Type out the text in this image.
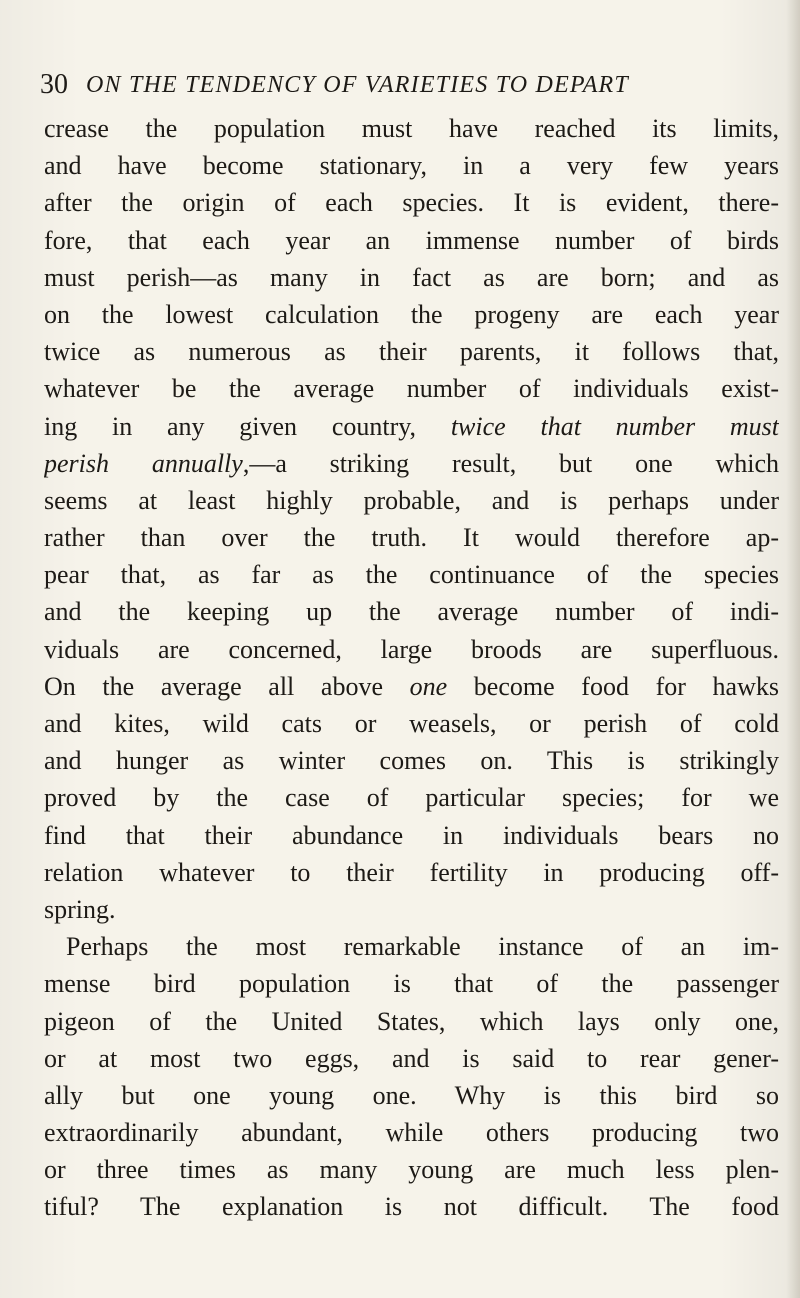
30 ON THE TENDENCY OF VARIETIES TO DEPART
crease the population must have reached its limits,
and have become stationary, in a very few years
after the origin of each species. It is evident, there-
fore, that each year an immense number of birds
must perish—as many in fact as are born; and as
on the lowest calculation the progeny are each year
twice as numerous as their parents, it follows that,
whatever be the average number of individuals exist-
ing in any given country, twice that number must
perish annually,—a striking result, but one which
seems at least highly probable, and is perhaps under
rather than over the truth. It would therefore ap-
pear that, as far as the continuance of the species
and the keeping up the average number of indi-
viduals are concerned, large broods are superfluous.
On the average all above one become food for hawks
and kites, wild cats or weasels, or perish of cold
and hunger as winter comes on. This is strikingly
proved by the case of particular species; for we
find that their abundance in individuals bears no
relation whatever to their fertility in producing off-
spring.
Perhaps the most remarkable instance of an im-
mense bird population is that of the passenger
pigeon of the United States, which lays only one,
or at most two eggs, and is said to rear gener-
ally but one young one. Why is this bird so
extraordinarily abundant, while others producing two
or three times as many young are much less plen-
tiful? The explanation is not difficult. The food
